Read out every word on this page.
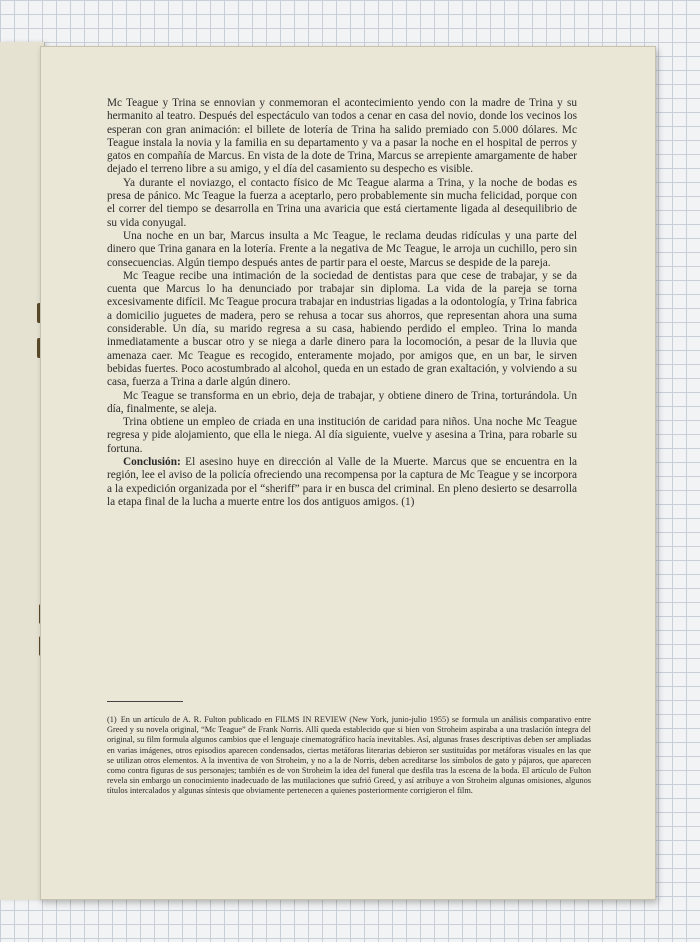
Mc Teague y Trina se ennovian y conmemoran el acontecimiento yendo con la madre de Trina y su hermanito al teatro. Después del espectáculo van todos a cenar en casa del novio, donde los vecinos los esperan con gran animación: el billete de lotería de Trina ha salido premiado con 5.000 dólares. Mc Teague instala la novia y la familia en su departamento y va a pasar la noche en el hospital de perros y gatos en compañía de Marcus. En vista de la dote de Trina, Marcus se arrepiente amargamente de haber dejado el terreno libre a su amigo, y el día del casamiento su despecho es visible.

Ya durante el noviazgo, el contacto físico de Mc Teague alarma a Trina, y la noche de bodas es presa de pánico. Mc Teague la fuerza a aceptarlo, pero probablemente sin mucha felicidad, porque con el correr del tiempo se desarrolla en Trina una avaricia que está ciertamente ligada al desequilibrio de su vida conyugal.

Una noche en un bar, Marcus insulta a Mc Teague, le reclama deudas ridículas y una parte del dinero que Trina ganara en la lotería. Frente a la negativa de Mc Teague, le arroja un cuchillo, pero sin consecuencias. Algún tiempo después antes de partir para el oeste, Marcus se despide de la pareja.

Mc Teague recibe una intimación de la sociedad de dentistas para que cese de trabajar, y se da cuenta que Marcus lo ha denunciado por trabajar sin diploma. La vida de la pareja se torna excesivamente difícil. Mc Teague procura trabajar en industrias ligadas a la odontología, y Trina fabrica a domicilio juguetes de madera, pero se rehusa a tocar sus ahorros, que representan ahora una suma considerable. Un día, su marido regresa a su casa, habiendo perdido el empleo. Trina lo manda inmediatamente a buscar otro y se niega a darle dinero para la locomoción, a pesar de la lluvia que amenaza caer. Mc Teague es recogido, enteramente mojado, por amigos que, en un bar, le sirven bebidas fuertes. Poco acostumbrado al alcohol, queda en un estado de gran exaltación, y volviendo a su casa, fuerza a Trina a darle algún dinero.

Mc Teague se transforma en un ebrio, deja de trabajar, y obtiene dinero de Trina, torturándola. Un día, finalmente, se aleja.

Trina obtiene un empleo de criada en una institución de caridad para niños. Una noche Mc Teague regresa y pide alojamiento, que ella le niega. Al día siguiente, vuelve y asesina a Trina, para robarle su fortuna.

Conclusión: El asesino huye en dirección al Valle de la Muerte. Marcus que se encuentra en la región, lee el aviso de la policía ofreciendo una recompensa por la captura de Mc Teague y se incorpora a la expedición organizada por el “sheriff” para ir en busca del criminal. En pleno desierto se desarrolla la etapa final de la lucha a muerte entre los dos antiguos amigos. (1)

(1) En un artículo de A. R. Fulton publicado en FILMS IN REVIEW (New York, junio-julio 1955) se formula un análisis comparativo entre Greed y su novela original, “Mc Teague” de Frank Norris. Allí queda establecido que si bien von Stroheim aspiraba a una traslación íntegra del original, su film formula algunos cambios que el lenguaje cinematográfico hacía inevitables. Así, algunas frases descriptivas deben ser ampliadas en varias imágenes, otros episodios aparecen condensados, ciertas metáforas literarias debieron ser sustituídas por metáforas visuales en las que se utilizan otros elementos. A la inventiva de von Stroheim, y no a la de Norris, deben acreditarse los símbolos de gato y pájaros, que aparecen como contra figuras de sus personajes; también es de von Stroheim la idea del funeral que desfila tras la escena de la boda. El artículo de Fulton revela sin embargo un conocimiento inadecuado de las mutilaciones que sufrió Greed, y así atribuye a von Stroheim algunas omisiones, algunos títulos intercalados y algunas síntesis que obviamente pertenecen a quienes posteriormente corrigieron el film.
